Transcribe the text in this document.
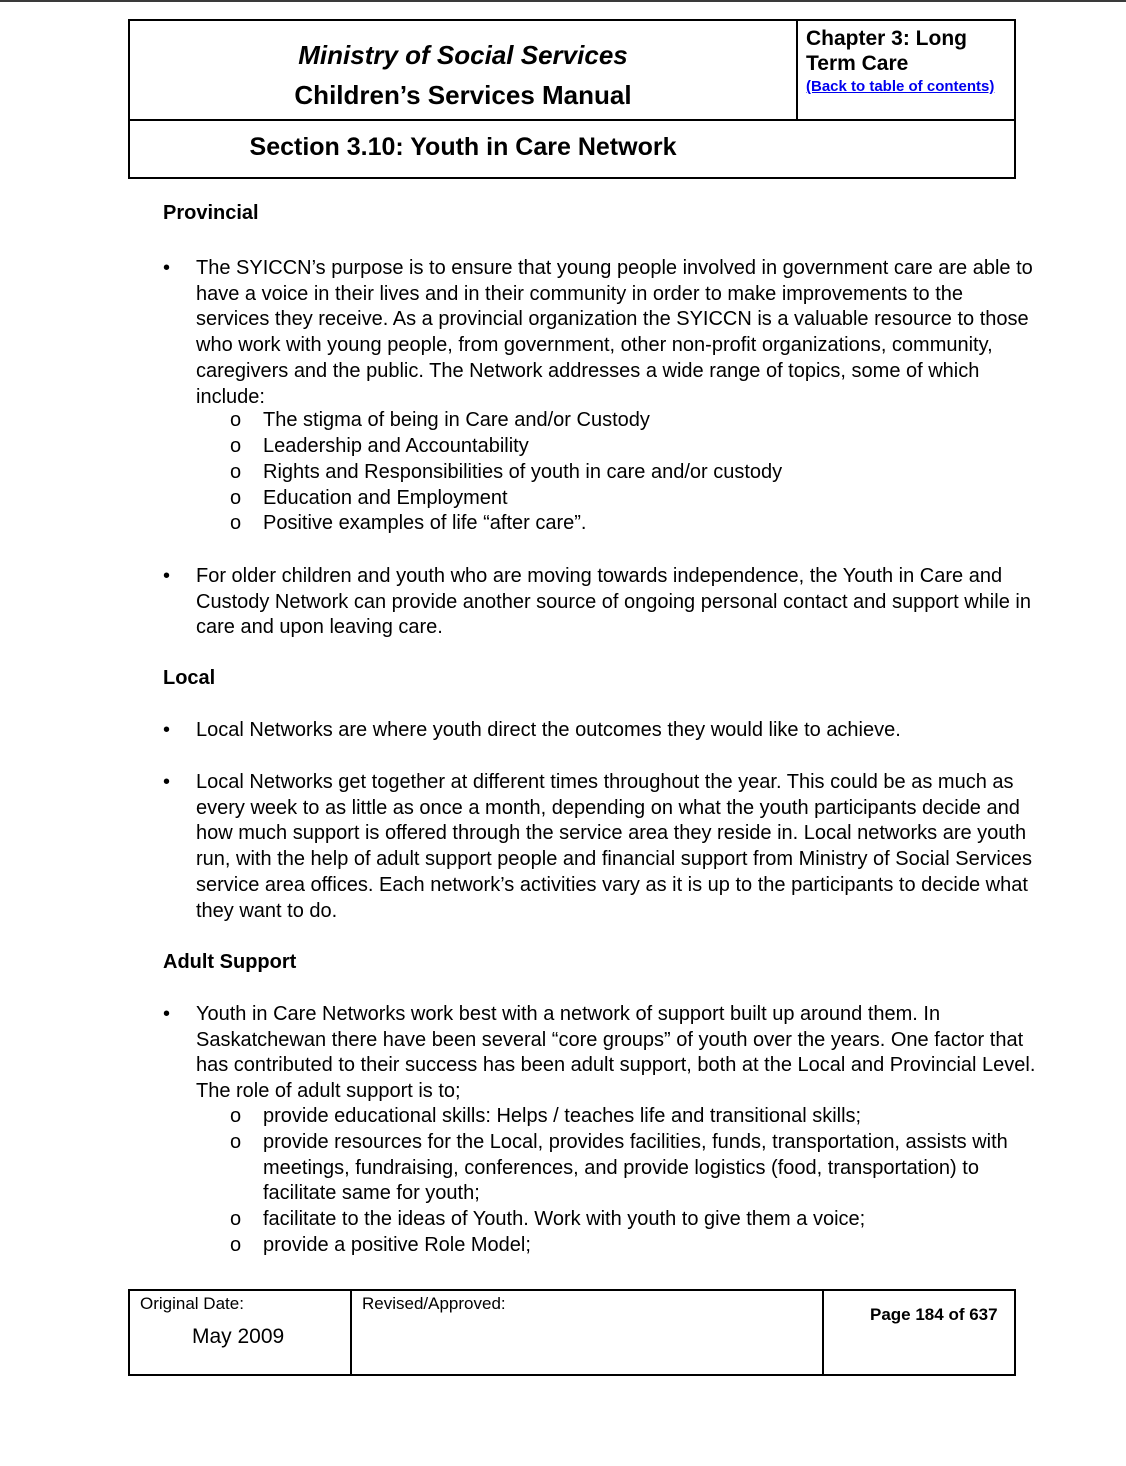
Ministry of Social Services
Children’s Services Manual
Chapter 3: Long Term Care
(Back to table of contents)
Section 3.10: Youth in Care Network
Provincial
•	The SYICCN’s purpose is to ensure that young people involved in government care are able to have a voice in their lives and in their community in order to make improvements to the services they receive. As a provincial organization the SYICCN is a valuable resource to those who work with young people, from government, other non-profit organizations, community, caregivers and the public. The Network addresses a wide range of topics, some of which include:
o	The stigma of being in Care and/or Custody
o	Leadership and Accountability
o	Rights and Responsibilities of youth in care and/or custody
o	Education and Employment
o	Positive examples of life “after care”.
•	For older children and youth who are moving towards independence, the Youth in Care and Custody Network can provide another source of ongoing personal contact and support while in care and upon leaving care.
Local
•	Local Networks are where youth direct the outcomes they would like to achieve.
•	Local Networks get together at different times throughout the year. This could be as much as every week to as little as once a month, depending on what the youth participants decide and how much support is offered through the service area they reside in. Local networks are youth run, with the help of adult support people and financial support from Ministry of Social Services service area offices. Each network’s activities vary as it is up to the participants to decide what they want to do.
Adult Support
•	Youth in Care Networks work best with a network of support built up around them. In Saskatchewan there have been several “core groups” of youth over the years. One factor that has contributed to their success has been adult support, both at the Local and Provincial Level. The role of adult support is to;
o	provide educational skills: Helps / teaches life and transitional skills;
o	provide resources for the Local, provides facilities, funds, transportation, assists with meetings, fundraising, conferences, and provide logistics (food, transportation) to facilitate same for youth;
o	facilitate to the ideas of Youth. Work with youth to give them a voice;
o	provide a positive Role Model;
Original Date:
May 2009
Revised/Approved:
Page 184 of 637
